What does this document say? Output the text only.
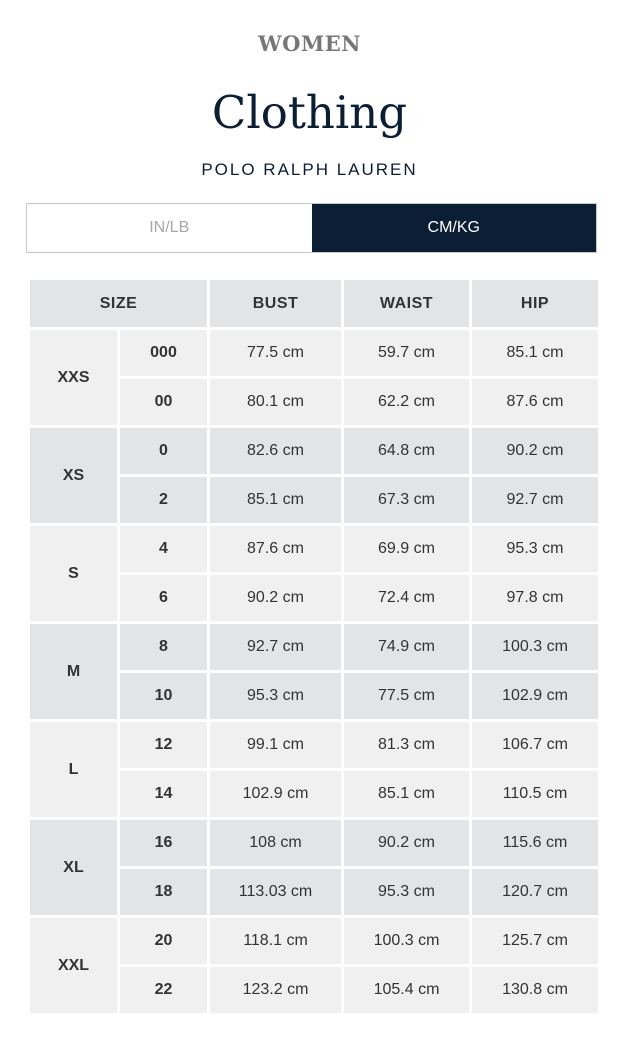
WOMEN
Clothing
POLO RALPH LAUREN
IN/LB	CM/KG
SIZE		BUST	WAIST	HIP
XXS	000	77.5 cm	59.7 cm	85.1 cm
	00	80.1 cm	62.2 cm	87.6 cm
XS	0	82.6 cm	64.8 cm	90.2 cm
	2	85.1 cm	67.3 cm	92.7 cm
S	4	87.6 cm	69.9 cm	95.3 cm
	6	90.2 cm	72.4 cm	97.8 cm
M	8	92.7 cm	74.9 cm	100.3 cm
	10	95.3 cm	77.5 cm	102.9 cm
L	12	99.1 cm	81.3 cm	106.7 cm
	14	102.9 cm	85.1 cm	110.5 cm
XL	16	108 cm	90.2 cm	115.6 cm
	18	113.03 cm	95.3 cm	120.7 cm
XXL	20	118.1 cm	100.3 cm	125.7 cm
	22	123.2 cm	105.4 cm	130.8 cm
